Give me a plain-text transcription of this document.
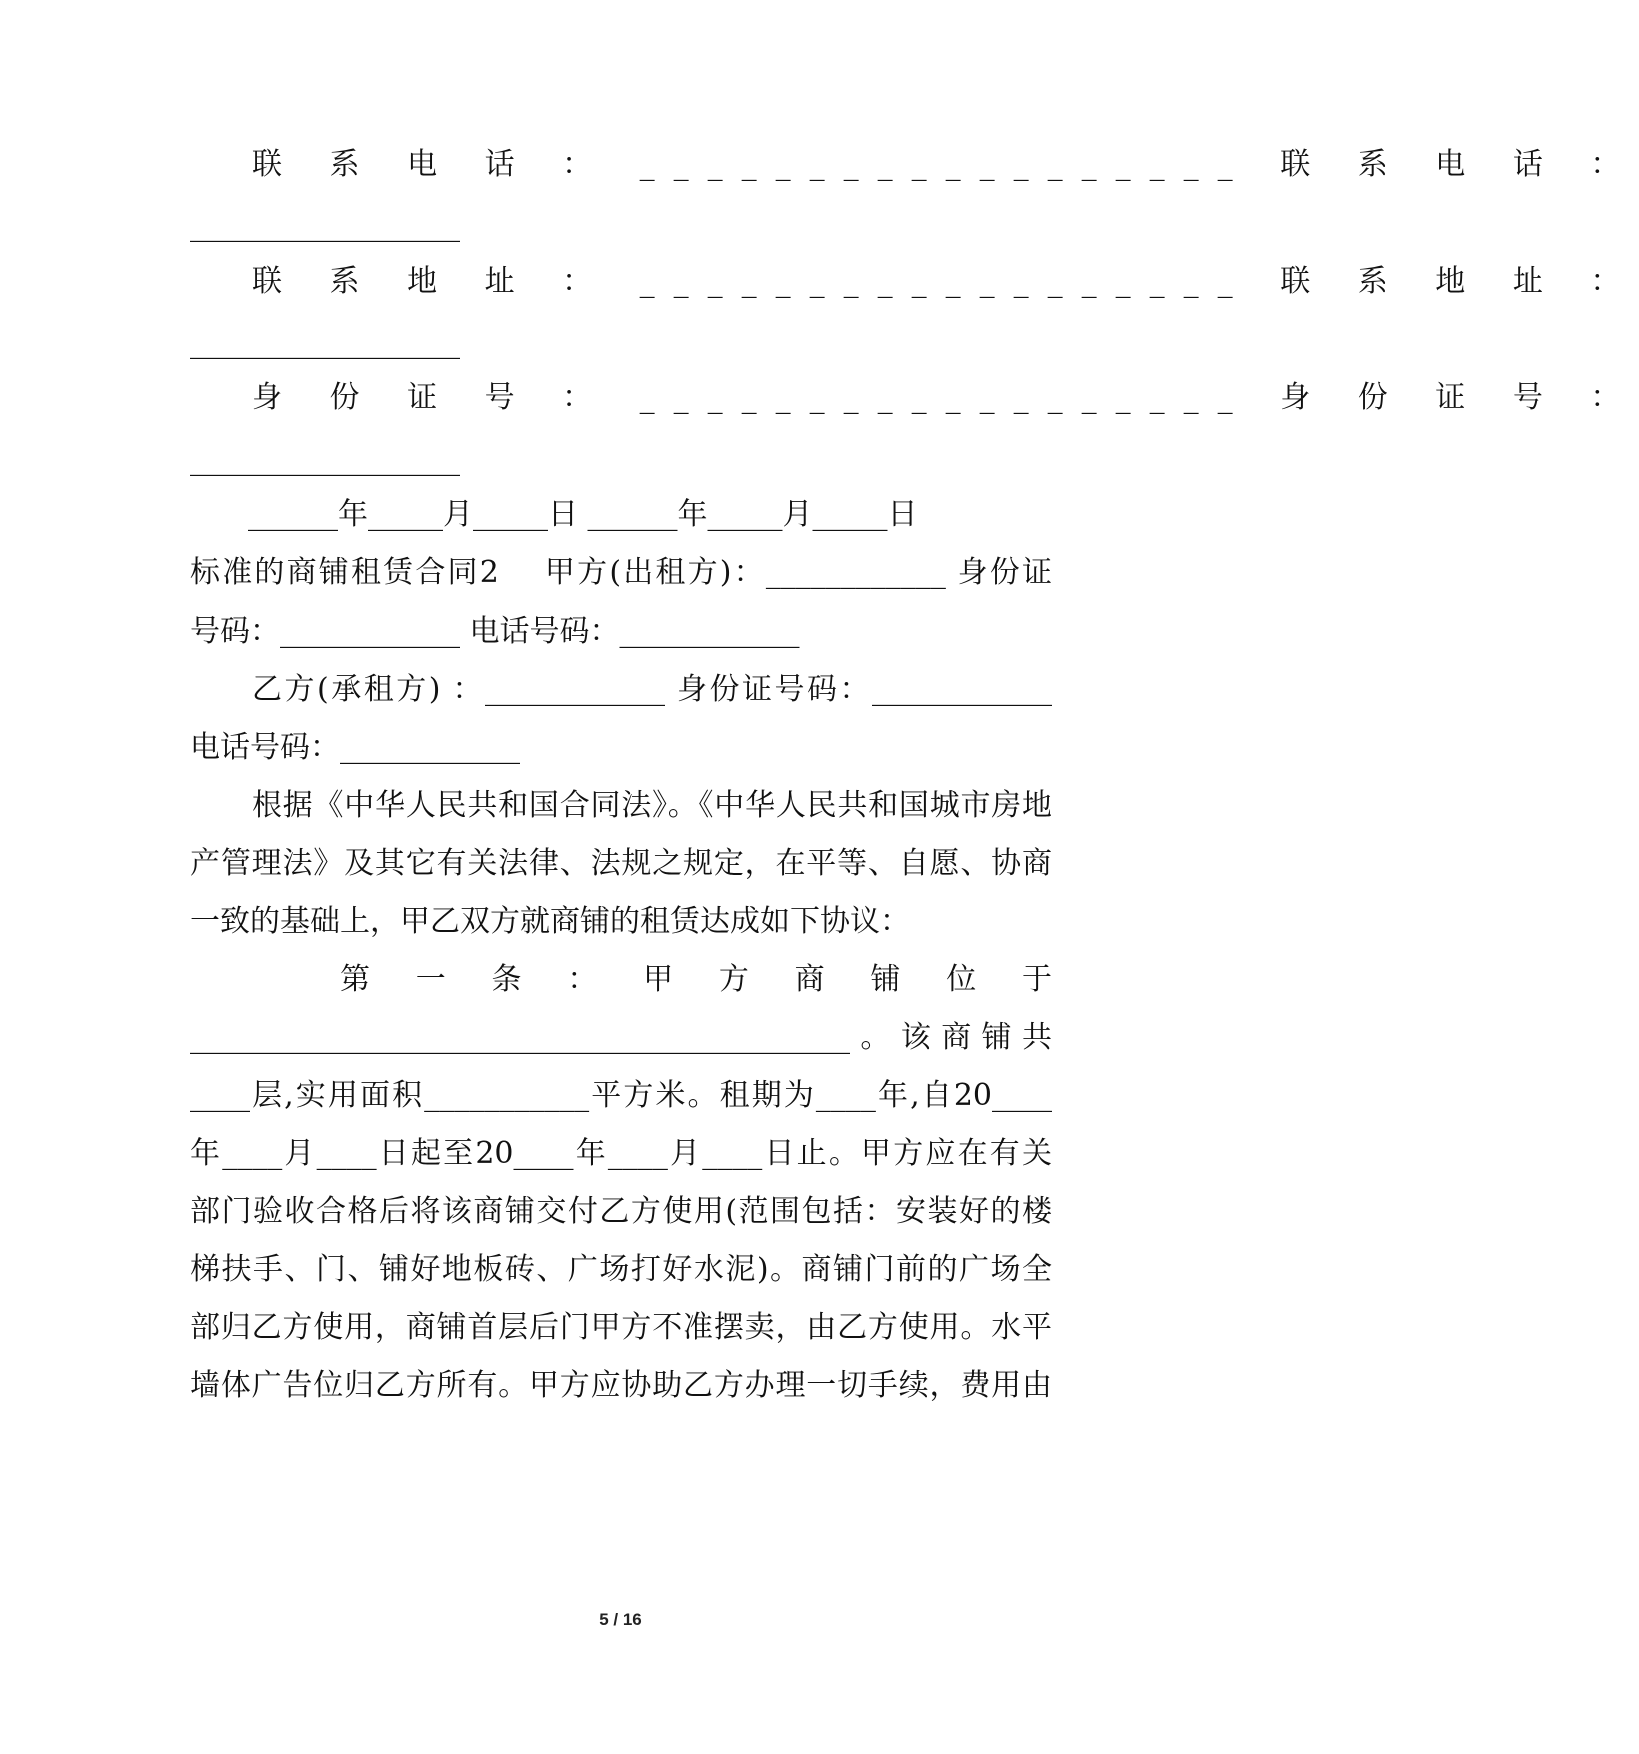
联 系 电 话 ： __________________ 联 系 电 话 ：
__________________
联 系 地 址 ： __________________ 联 系 地 址 ：
__________________
身 份 证 号 ： __________________ 身 份 证 号 ：
__________________
______年_____月_____日 ______年_____月_____日
标准的商铺租赁合同2　 甲方(出租方)：____________ 身份证
号码：____________ 电话号码：____________
乙方(承租方) ：____________ 身份证号码：____________
电话号码：____________
根据《中华人民共和国合同法》。《中华人民共和国城市房地
产管理法》及其它有关法律、法规之规定，在平等、自愿、协商
一致的基础上，甲乙双方就商铺的租赁达成如下协议：
第 一 条 ： 甲 方 商 铺 位 于
____________________________________________。该商铺共
____层,实用面积___________平方米。租期为____年,自20____
年____月____日起至20____年____月____日止。甲方应在有关
部门验收合格后将该商铺交付乙方使用(范围包括：安装好的楼
梯扶手、门、铺好地板砖、广场打好水泥)。商铺门前的广场全
部归乙方使用，商铺首层后门甲方不准摆卖，由乙方使用。水平
墙体广告位归乙方所有。甲方应协助乙方办理一切手续，费用由
5 / 16
